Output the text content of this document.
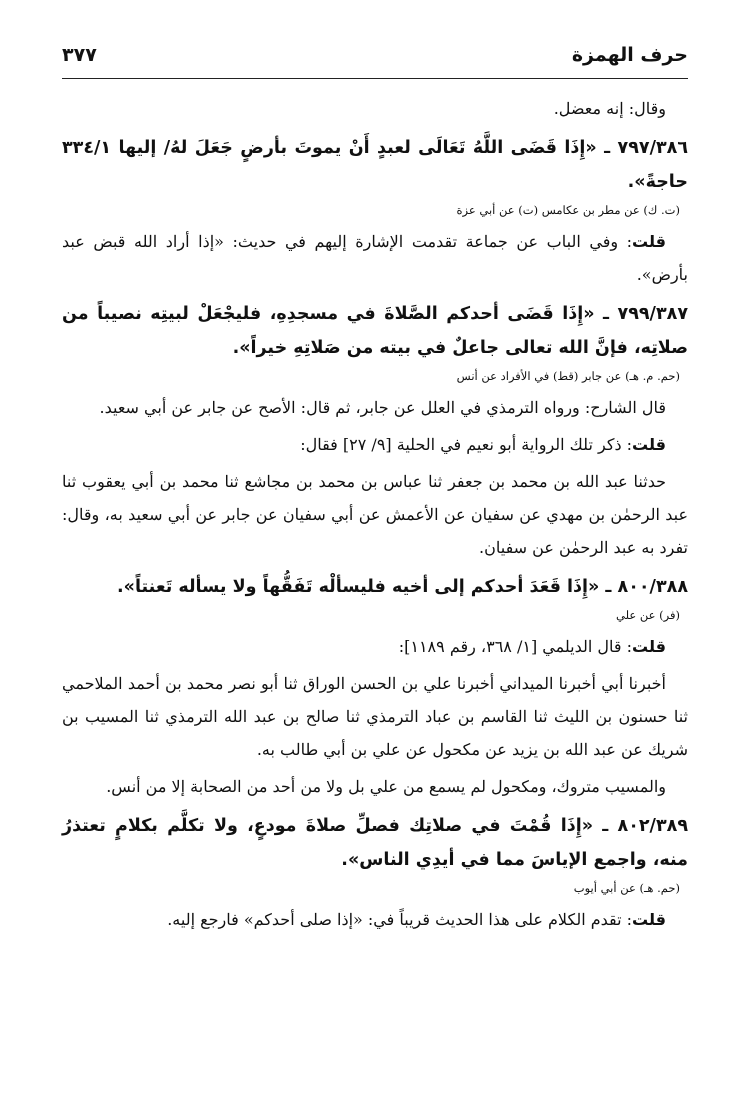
حرف الهمزة
٣٧٧

وقال: إنه معضل.

٧٩٧/٣٨٦ ـ «إِذَا قَضَى اللَّهُ تَعَالَى لعبدٍ أَنْ يموتَ بأرضٍ جَعَلَ لهُ/ إليها ٣٣٤/١ حاجةً».

(ت. ك) عن مطر بن عكامس (ت) عن أبي عزة

قلت: وفي الباب عن جماعة تقدمت الإشارة إليهم في حديث: «إذا أراد الله قبض عبد بأرض».

٧٩٩/٣٨٧ ـ «إِذَا قَضَى أحدكم الصَّلاةَ في مسجدِهِ، فليجْعَلْ لبيتِه نصيباً من صلاتِه، فإنَّ الله تعالى جاعلٌ في بيته من صَلاتِهِ خيراً».

(حم. م. هـ) عن جابر (قط) في الأفراد عن أنس

قال الشارح: ورواه الترمذي في العلل عن جابر، ثم قال: الأصح عن جابر عن أبي سعيد.

قلت: ذكر تلك الرواية أبو نعيم في الحلية [٩/ ٢٧] فقال:

حدثنا عبد الله بن محمد بن جعفر ثنا عباس بن محمد بن مجاشع ثنا محمد بن أبي يعقوب ثنا عبد الرحمٰن بن مهدي عن سفيان عن الأعمش عن أبي سفيان عن جابر عن أبي سعيد به، وقال: تفرد به عبد الرحمٰن عن سفيان.

٨٠٠/٣٨٨ ـ «إِذَا قَعَدَ أحدكم إلى أخيه فليسألْه تَفَقُّهاً ولا يسأله تَعنتاً».

(فر) عن علي

قلت: قال الديلمي [١/ ٣٦٨، رقم ١١٨٩]:

أخبرنا أبي أخبرنا الميداني أخبرنا علي بن الحسن الوراق ثنا أبو نصر محمد بن أحمد الملاحمي ثنا حسنون بن الليث ثنا القاسم بن عباد الترمذي ثنا صالح بن عبد الله الترمذي ثنا المسيب بن شريك عن عبد الله بن يزيد عن مكحول عن علي بن أبي طالب به.

والمسيب متروك، ومكحول لم يسمع من علي بل ولا من أحد من الصحابة إلا من أنس.

٨٠٢/٣٨٩ ـ «إِذَا قُمْتَ في صلاتِك فصلِّ صلاةَ مودعٍ، ولا تكلَّم بكلامٍ تعتذرُ منه، واجمع الإياسَ مما في أيدِي الناس».

(حم. هـ) عن أبي أيوب

قلت: تقدم الكلام على هذا الحديث قريباً في: «إذا صلى أحدكم» فارجع إليه.
